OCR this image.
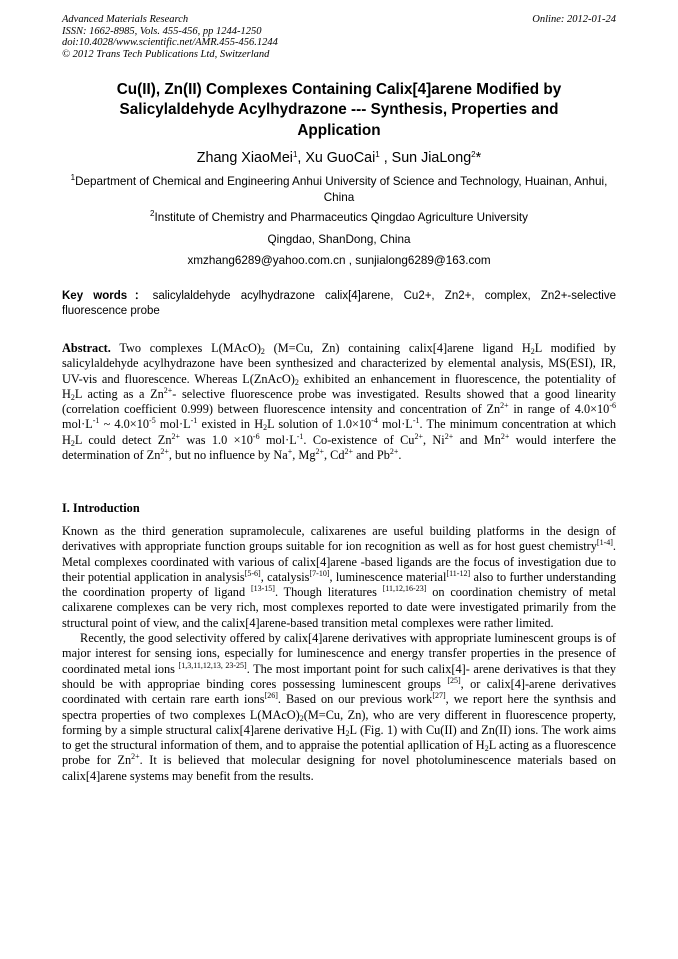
Advanced Materials Research	Online: 2012-01-24
ISSN: 1662-8985, Vols. 455-456, pp 1244-1250
doi:10.4028/www.scientific.net/AMR.455-456.1244
© 2012 Trans Tech Publications Ltd, Switzerland
Cu(II), Zn(II) Complexes Containing Calix[4]arene Modified by Salicylaldehyde Acylhydrazone --- Synthesis, Properties and Application
Zhang XiaoMei$^1$, Xu GuoCai$^1$ , Sun JiaLong$^2$*
$^1$Department of Chemical and Engineering Anhui University of Science and Technology, Huainan, Anhui, China
$^2$Institute of Chemistry and Pharmaceutics Qingdao Agriculture University
Qingdao, ShanDong, China
xmzhang6289@yahoo.com.cn , sunjialong6289@163.com
Key words：salicylaldehyde acylhydrazone calix[4]arene, Cu2+, Zn2+, complex, Zn2+-selective fluorescence probe

Abstract. Two complexes $L(MAcO)_2$ (M=Cu, Zn) containing calix[4]arene ligand $H_2L$ modified by salicylaldehyde acylhydrazone have been synthesized and characterized by elemental analysis, MS(ESI), IR, UV-vis and fluorescence. Whereas $L(ZnAcO)_2$ exhibited an enhancement in fluorescence, the potentiality of $H_2L$ acting as a $Zn^{2+}-$ selective fluorescence probe was investigated. Results showed that a good linearity (correlation coefficient 0.999) between fluorescence intensity and concentration of $Zn^{2+}$ in range of $4.0\times 10^{-6}$ $mol\cdot L^{-1}$ ~ $4.0\times 10^{-5}$ $mol\cdot L^{-1}$ existed in $H_2L$ solution of $1.0\times 10^{-4}$ $mol\cdot L^{-1}$. The minimum concentration at which $H_2L$ could detect $Zn^{2+}$ was $1.0 \times 10^{-6}$ $mol\cdot L^{-1}$. Co-existence of $Cu^{2+}$, $Ni^{2+}$ and $Mn^{2+}$ would interfere the determination of $Zn^{2+}$, but no influence by Na+, $Mg^{2+}$, $Cd^{2+}$ and $Pb^{2+}$.

I. Introduction

Known as the third generation supramolecule, calixarenes are useful building platforms in the design of derivatives with appropriate function groups suitable for ion recognition as well as for host guest chemistry[1-4]. Metal complexes coordinated with various of calix[4]arene -based ligands are the focus of investigation due to their potential application in analysis[5-6], catalysis[7-10], luminescence material[11-12] also to further understanding the coordination property of ligand [13-15]. Though literatures [11,12,16-23] on coordination chemistry of metal calixarene complexes can be very rich, most complexes reported to date were investigated primarily from the structural point of view, and the calix[4]arene-based transition metal complexes were rather limited.

Recently, the good selectivity offered by calix[4]arene derivatives with appropriate luminescent groups is of major interest for sensing ions, especially for luminescence and energy transfer properties in the presence of coordinated metal ions [1,3,11,12,13, 23-25]. The most important point for such calix[4]- arene derivatives is that they should be with appropriae binding cores possessing luminescent groups [25], or calix[4]-arene derivatives coordinated with certain rare earth ions[26]. Based on our previous work[27], we report here the synthsis and spectra properties of two complexes $L(MAcO)_2(M=Cu$, Zn), who are very different in fluorescence property, forming by a simple structural calix[4]arene derivative $H_2L$ (Fig. 1) with Cu(II) and Zn(II) ions. The work aims to get the structural information of them, and to appraise the potential apllication of $H_2L$ acting as a fluorescence probe for $Zn^{2+}$. It is believed that molecular designing for novel photoluminescence materials based on calix[4]arene systems may benefit from the results.
